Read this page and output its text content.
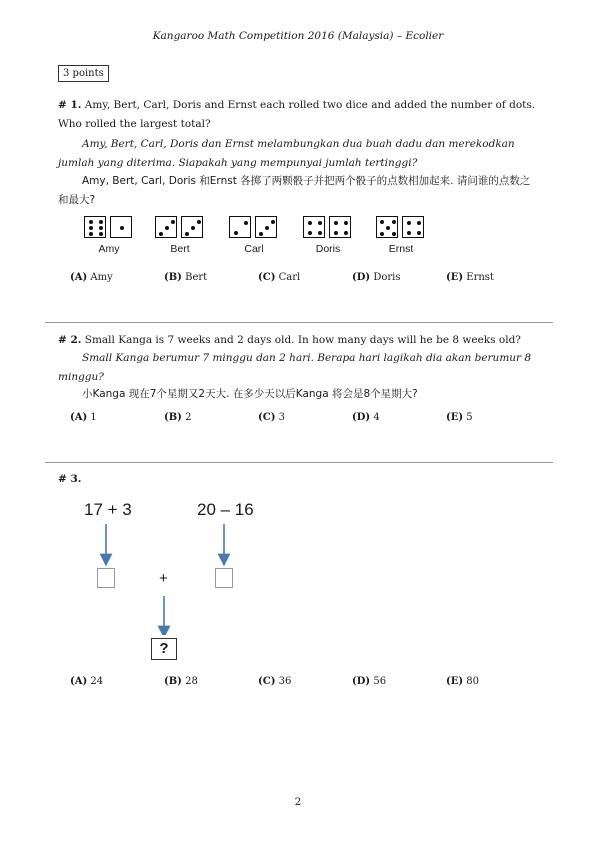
Kangaroo Math Competition 2016 (Malaysia) – Ecolier
3 points
# 1. Amy, Bert, Carl, Doris and Ernst each rolled two dice and added the number of dots. Who rolled the largest total?
Amy, Bert, Carl, Doris dan Ernst melambungkan dua buah dadu dan merekodkan jumlah yang diterima. Siapakah yang mempunyai jumlah tertinggi?
Amy, Bert, Carl, Doris 和Ernst 各掷了两颗骰子并把两个骰子的点数相加起来. 请问谁的点数之和最大?
Amy	Bert	Carl	Doris	Ernst
(A) Amy	(B) Bert	(C) Carl	(D) Doris	(E) Ernst
# 2. Small Kanga is 7 weeks and 2 days old. In how many days will he be 8 weeks old?
Small Kanga berumur 7 minggu dan 2 hari. Berapa hari lagikah dia akan berumur 8 minggu?
小Kanga 现在7个星期又2天大. 在多少天以后Kanga 将会是8个星期大?
(A) 1	(B) 2	(C) 3	(D) 4	(E) 5
# 3.
17 + 3	20 – 16
+
?
(A) 24	(B) 28	(C) 36	(D) 56	(E) 80
2
